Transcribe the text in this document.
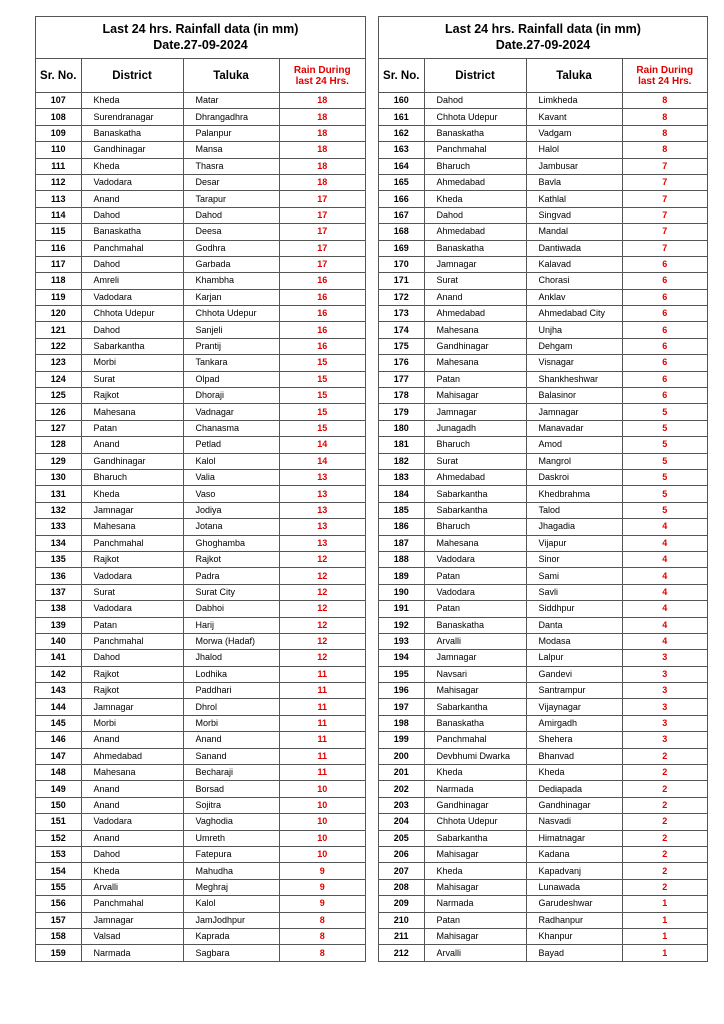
Last 24 hrs. Rainfall data (in mm)
Date.27-09-2024
Sr. No.	District	Taluka	Rain During
last 24 Hrs.
107	Kheda	Matar	18
108	Surendranagar	Dhrangadhra	18
109	Banaskatha	Palanpur	18
110	Gandhinagar	Mansa	18
111	Kheda	Thasra	18
112	Vadodara	Desar	18
113	Anand	Tarapur	17
114	Dahod	Dahod	17
115	Banaskatha	Deesa	17
116	Panchmahal	Godhra	17
117	Dahod	Garbada	17
118	Amreli	Khambha	16
119	Vadodara	Karjan	16
120	Chhota Udepur	Chhota Udepur	16
121	Dahod	Sanjeli	16
122	Sabarkantha	Prantij	16
123	Morbi	Tankara	15
124	Surat	Olpad	15
125	Rajkot	Dhoraji	15
126	Mahesana	Vadnagar	15
127	Patan	Chanasma	15
128	Anand	Petlad	14
129	Gandhinagar	Kalol	14
130	Bharuch	Valia	13
131	Kheda	Vaso	13
132	Jamnagar	Jodiya	13
133	Mahesana	Jotana	13
134	Panchmahal	Ghoghamba	13
135	Rajkot	Rajkot	12
136	Vadodara	Padra	12
137	Surat	Surat City	12
138	Vadodara	Dabhoi	12
139	Patan	Harij	12
140	Panchmahal	Morwa (Hadaf)	12
141	Dahod	Jhalod	12
142	Rajkot	Lodhika	11
143	Rajkot	Paddhari	11
144	Jamnagar	Dhrol	11
145	Morbi	Morbi	11
146	Anand	Anand	11
147	Ahmedabad	Sanand	11
148	Mahesana	Becharaji	11
149	Anand	Borsad	10
150	Anand	Sojitra	10
151	Vadodara	Vaghodia	10
152	Anand	Umreth	10
153	Dahod	Fatepura	10
154	Kheda	Mahudha	9
155	Arvalli	Meghraj	9
156	Panchmahal	Kalol	9
157	Jamnagar	JamJodhpur	8
158	Valsad	Kaprada	8
159	Narmada	Sagbara	8
Last 24 hrs. Rainfall data (in mm)
Date.27-09-2024
Sr. No.	District	Taluka	Rain During
last 24 Hrs.
160	Dahod	Limkheda	8
161	Chhota Udepur	Kavant	8
162	Banaskatha	Vadgam	8
163	Panchmahal	Halol	8
164	Bharuch	Jambusar	7
165	Ahmedabad	Bavla	7
166	Kheda	Kathlal	7
167	Dahod	Singvad	7
168	Ahmedabad	Mandal	7
169	Banaskatha	Dantiwada	7
170	Jamnagar	Kalavad	6
171	Surat	Chorasi	6
172	Anand	Anklav	6
173	Ahmedabad	Ahmedabad City	6
174	Mahesana	Unjha	6
175	Gandhinagar	Dehgam	6
176	Mahesana	Visnagar	6
177	Patan	Shankheshwar	6
178	Mahisagar	Balasinor	6
179	Jamnagar	Jamnagar	5
180	Junagadh	Manavadar	5
181	Bharuch	Amod	5
182	Surat	Mangrol	5
183	Ahmedabad	Daskroi	5
184	Sabarkantha	Khedbrahma	5
185	Sabarkantha	Talod	5
186	Bharuch	Jhagadia	4
187	Mahesana	Vijapur	4
188	Vadodara	Sinor	4
189	Patan	Sami	4
190	Vadodara	Savli	4
191	Patan	Siddhpur	4
192	Banaskatha	Danta	4
193	Arvalli	Modasa	4
194	Jamnagar	Lalpur	3
195	Navsari	Gandevi	3
196	Mahisagar	Santrampur	3
197	Sabarkantha	Vijaynagar	3
198	Banaskatha	Amirgadh	3
199	Panchmahal	Shehera	3
200	Devbhumi Dwarka	Bhanvad	2
201	Kheda	Kheda	2
202	Narmada	Dediapada	2
203	Gandhinagar	Gandhinagar	2
204	Chhota Udepur	Nasvadi	2
205	Sabarkantha	Himatnagar	2
206	Mahisagar	Kadana	2
207	Kheda	Kapadvanj	2
208	Mahisagar	Lunawada	2
209	Narmada	Garudeshwar	1
210	Patan	Radhanpur	1
211	Mahisagar	Khanpur	1
212	Arvalli	Bayad	1
